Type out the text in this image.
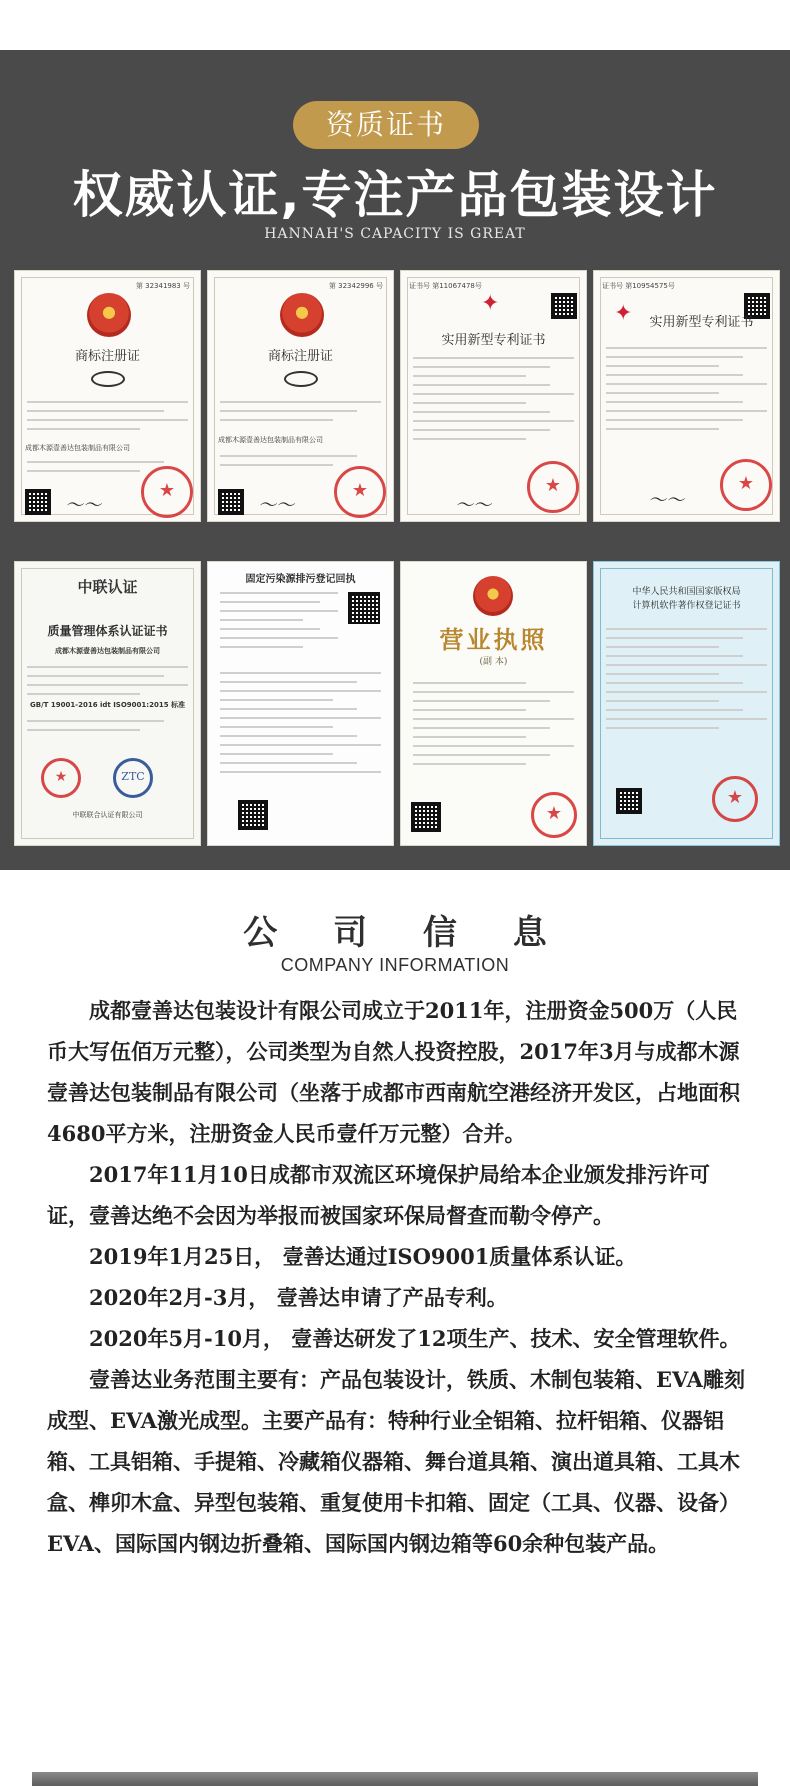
资质证书
权威认证,专注产品包装设计
HANNAH'S CAPACITY IS GREAT
第 32341983 号
商标注册证
成都木源壹善达包装制品有限公司
～～
★
第 32342996 号
商标注册证
成都木源壹善达包装制品有限公司
～～
★
证书号 第11067478号
✦
实用新型专利证书
～～
★
证书号 第10954575号
✦	实用新型专利证书
～～
★
中联认证
质量管理体系认证证书
成都木源壹善达包装制品有限公司
GB/T 19001-2016 idt ISO9001:2015 标准
★	ZTC
中联联合认证有限公司
固定污染源排污登记回执
营业执照
(副 本)
★
中华人民共和国国家版权局
计算机软件著作权登记证书
★
公 司 信 息
COMPANY INFORMATION

成都壹善达包装设计有限公司成立于2011年，注册资金500万（人民币大写伍佰万元整），公司类型为自然人投资控股，2017年3月与成都木源壹善达包装制品有限公司（坐落于成都市西南航空港经济开发区，占地面积4680平方米，注册资金人民币壹仟万元整）合并。

2017年11月10日成都市双流区环境保护局给本企业颁发排污许可证，壹善达绝不会因为举报而被国家环保局督查而勒令停产。

2019年1月25日， 壹善达通过ISO9001质量体系认证。

2020年2月-3月， 壹善达申请了产品专利。

2020年5月-10月， 壹善达研发了12项生产、技术、安全管理软件。

壹善达业务范围主要有：产品包装设计，铁质、木制包装箱、EVA雕刻成型、EVA激光成型。主要产品有：特种行业全铝箱、拉杆铝箱、仪器铝箱、工具铝箱、手提箱、冷藏箱仪器箱、舞台道具箱、演出道具箱、工具木盒、榫卯木盒、异型包装箱、重复使用卡扣箱、固定（工具、仪器、设备）EVA、国际国内钢边折叠箱、国际国内钢边箱等60余种包装产品。
